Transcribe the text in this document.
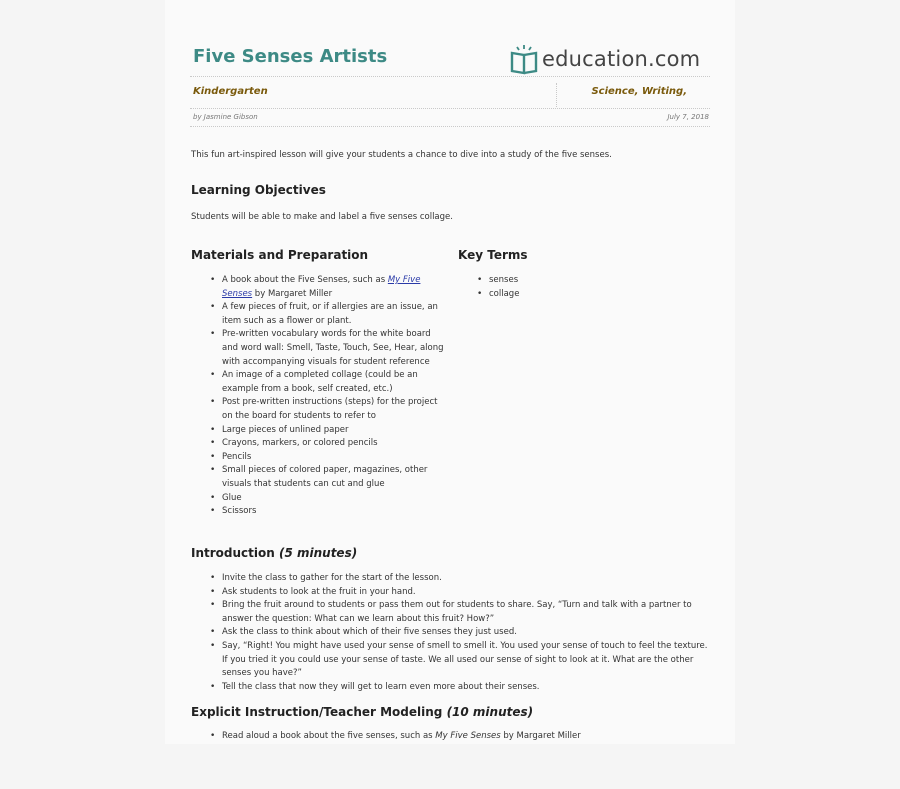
Five Senses Artists	education.com
Kindergarten	Science, Writing,
by Jasmine Gibson	July 7, 2018
This fun art-inspired lesson will give your students a chance to dive into a study of the five senses.
Learning Objectives
Students will be able to make and label a five senses collage.
Materials and Preparation
• A book about the Five Senses, such as My Five Senses by Margaret Miller
• A few pieces of fruit, or if allergies are an issue, an item such as a flower or plant.
• Pre-written vocabulary words for the white board and word wall: Smell, Taste, Touch, See, Hear, along with accompanying visuals for student reference
• An image of a completed collage (could be an example from a book, self created, etc.)
• Post pre-written instructions (steps) for the project on the board for students to refer to
• Large pieces of unlined paper
• Crayons, markers, or colored pencils
• Pencils
• Small pieces of colored paper, magazines, other visuals that students can cut and glue
• Glue
• Scissors
Key Terms
• senses
• collage
Introduction (5 minutes)
• Invite the class to gather for the start of the lesson.
• Ask students to look at the fruit in your hand.
• Bring the fruit around to students or pass them out for students to share. Say, “Turn and talk with a partner to answer the question: What can we learn about this fruit? How?”
• Ask the class to think about which of their five senses they just used.
• Say, “Right! You might have used your sense of smell to smell it. You used your sense of touch to feel the texture. If you tried it you could use your sense of taste. We all used our sense of sight to look at it. What are the other senses you have?”
• Tell the class that now they will get to learn even more about their senses.
Explicit Instruction/Teacher Modeling (10 minutes)
• Read aloud a book about the five senses, such as My Five Senses by Margaret Miller
•
